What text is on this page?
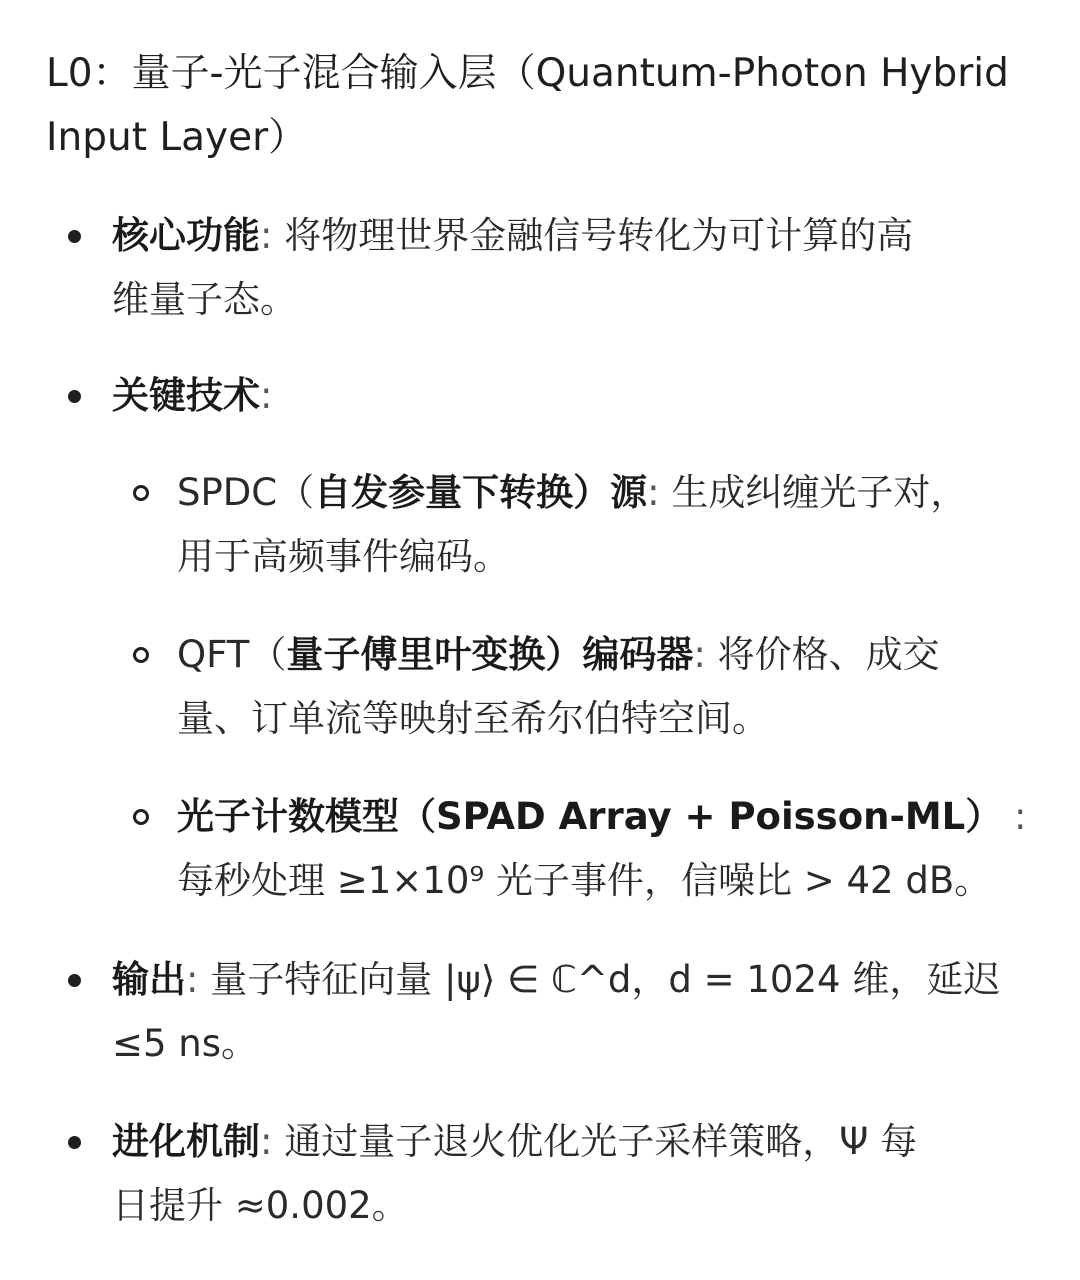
L0：量子-光子混合输入层（Quantum-Photon Hybrid
Input Layer）
核心功能: 将物理世界金融信号转化为可计算的高
维量子态。
关键技术:
SPDC（自发参量下转换）源: 生成纠缠光子对，
用于高频事件编码。
QFT（量子傅里叶变换）编码器: 将价格、成交
量、订单流等映射至希尔伯特空间。
光子计数模型（SPAD Array + Poisson-ML） :
每秒处理 ≥1×10⁹ 光子事件，信噪比 > 42 dB。
输出: 量子特征向量 |ψ⟩ ∈ ℂ^d，d = 1024 维，延迟
≤5 ns。
进化机制: 通过量子退火优化光子采样策略，Ψ 每
日提升 ≈0.002。
